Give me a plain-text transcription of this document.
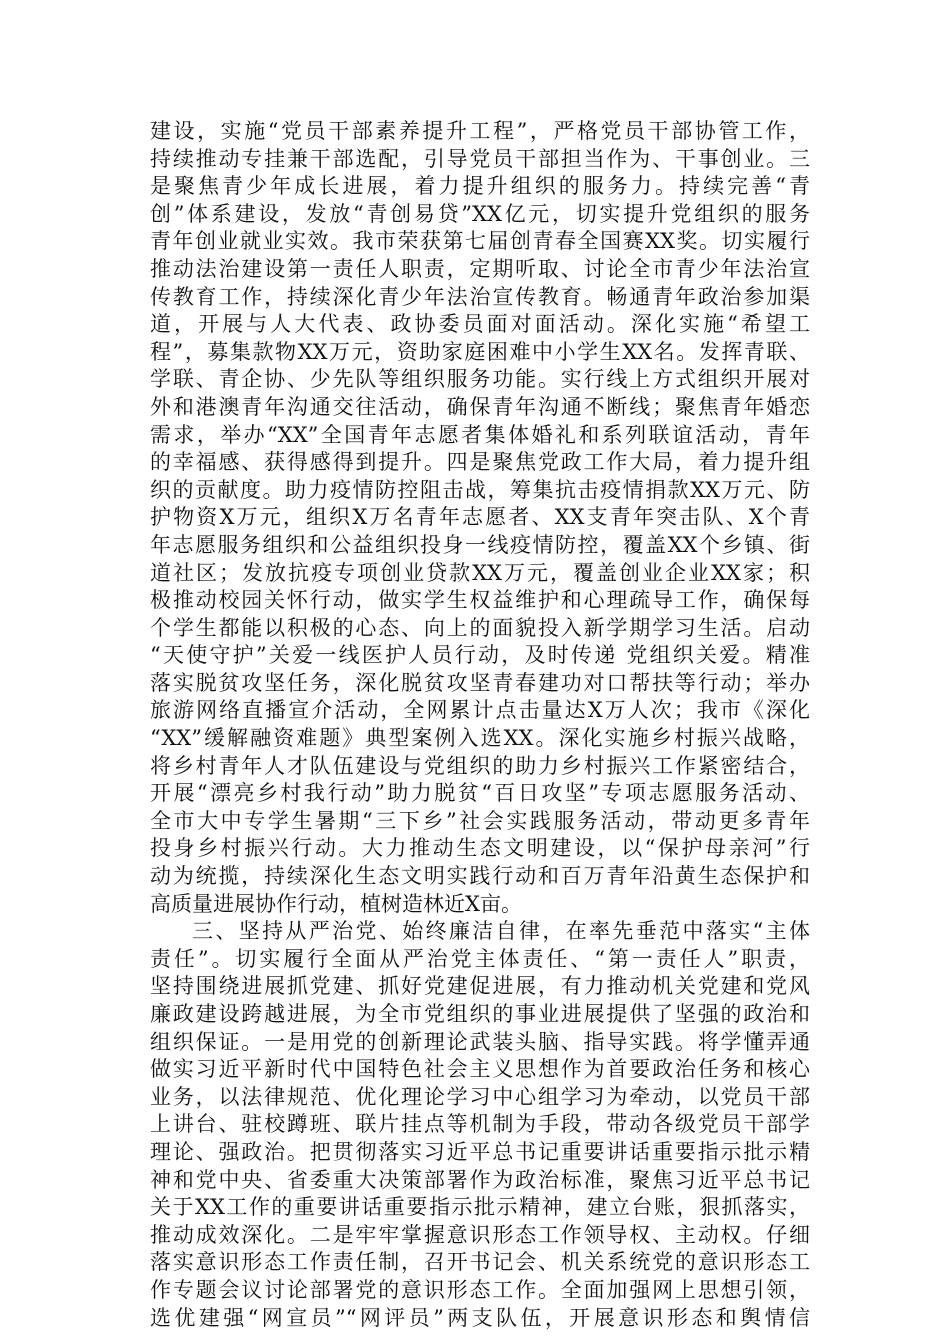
建设，实施“党员干部素养提升工程”，严格党员干部协管工作，

持续推动专挂兼干部选配，引导党员干部担当作为、干事创业。三

是聚焦青少年成长进展，着力提升组织的服务力。持续完善“青

创”体系建设，发放“青创易贷”XX亿元，切实提升党组织的服务

青年创业就业实效。我市荣获第七届创青春全国赛XX奖。切实履行

推动法治建设第一责任人职责，定期听取、讨论全市青少年法治宣

传教育工作，持续深化青少年法治宣传教育。畅通青年政治参加渠

道，开展与人大代表、政协委员面对面活动。深化实施“希望工

程”，募集款物XX万元，资助家庭困难中小学生XX名。发挥青联、

学联、青企协、少先队等组织服务功能。实行线上方式组织开展对

外和港澳青年沟通交往活动，确保青年沟通不断线；聚焦青年婚恋

需求，举办“XX”全国青年志愿者集体婚礼和系列联谊活动，青年

的幸福感、获得感得到提升。四是聚焦党政工作大局，着力提升组

织的贡献度。助力疫情防控阻击战，筹集抗击疫情捐款XX万元、防

护物资X万元，组织X万名青年志愿者、XX支青年突击队、X个青

年志愿服务组织和公益组织投身一线疫情防控，覆盖XX个乡镇、街

道社区；发放抗疫专项创业贷款XX万元，覆盖创业企业XX家；积

极推动校园关怀行动，做实学生权益维护和心理疏导工作，确保每

个学生都能以积极的心态、向上的面貌投入新学期学习生活。启动

“天使守护”关爱一线医护人员行动，及时传递 党组织关爱。精准

落实脱贫攻坚任务，深化脱贫攻坚青春建功对口帮扶等行动；举办

旅游网络直播宣介活动，全网累计点击量达X万人次；我市《深化

“XX”缓解融资难题》典型案例入选XX。深化实施乡村振兴战略，

将乡村青年人才队伍建设与党组织的助力乡村振兴工作紧密结合，

开展“漂亮乡村我行动”助力脱贫“百日攻坚”专项志愿服务活动、

全市大中专学生暑期“三下乡”社会实践服务活动，带动更多青年

投身乡村振兴行动。大力推动生态文明建设，以“保护母亲河”行

动为统揽，持续深化生态文明实践行动和百万青年沿黄生态保护和

高质量进展协作行动，植树造林近X亩。

三、坚持从严治党、始终廉洁自律，在率先垂范中落实“主体

责任”。切实履行全面从严治党主体责任、“第一责任人”职责，

坚持围绕进展抓党建、抓好党建促进展，有力推动机关党建和党风

廉政建设跨越进展，为全市党组织的事业进展提供了坚强的政治和

组织保证。一是用党的创新理论武装头脑、指导实践。将学懂弄通

做实习近平新时代中国特色社会主义思想作为首要政治任务和核心

业务，以法律规范、优化理论学习中心组学习为牵动，以党员干部

上讲台、驻校蹲班、联片挂点等机制为手段，带动各级党员干部学

理论、强政治。把贯彻落实习近平总书记重要讲话重要指示批示精

神和党中央、省委重大决策部署作为政治标准，聚焦习近平总书记

关于XX工作的重要讲话重要指示批示精神，建立台账，狠抓落实，

推动成效深化。二是牢牢掌握意识形态工作领导权、主动权。仔细

落实意识形态工作责任制，召开书记会、机关系统党的意识形态工

作专题会议讨论部署党的意识形态工作。全面加强网上思想引领，

选优建强“网宣员”“网评员”两支队伍，开展意识形态和舆情信
